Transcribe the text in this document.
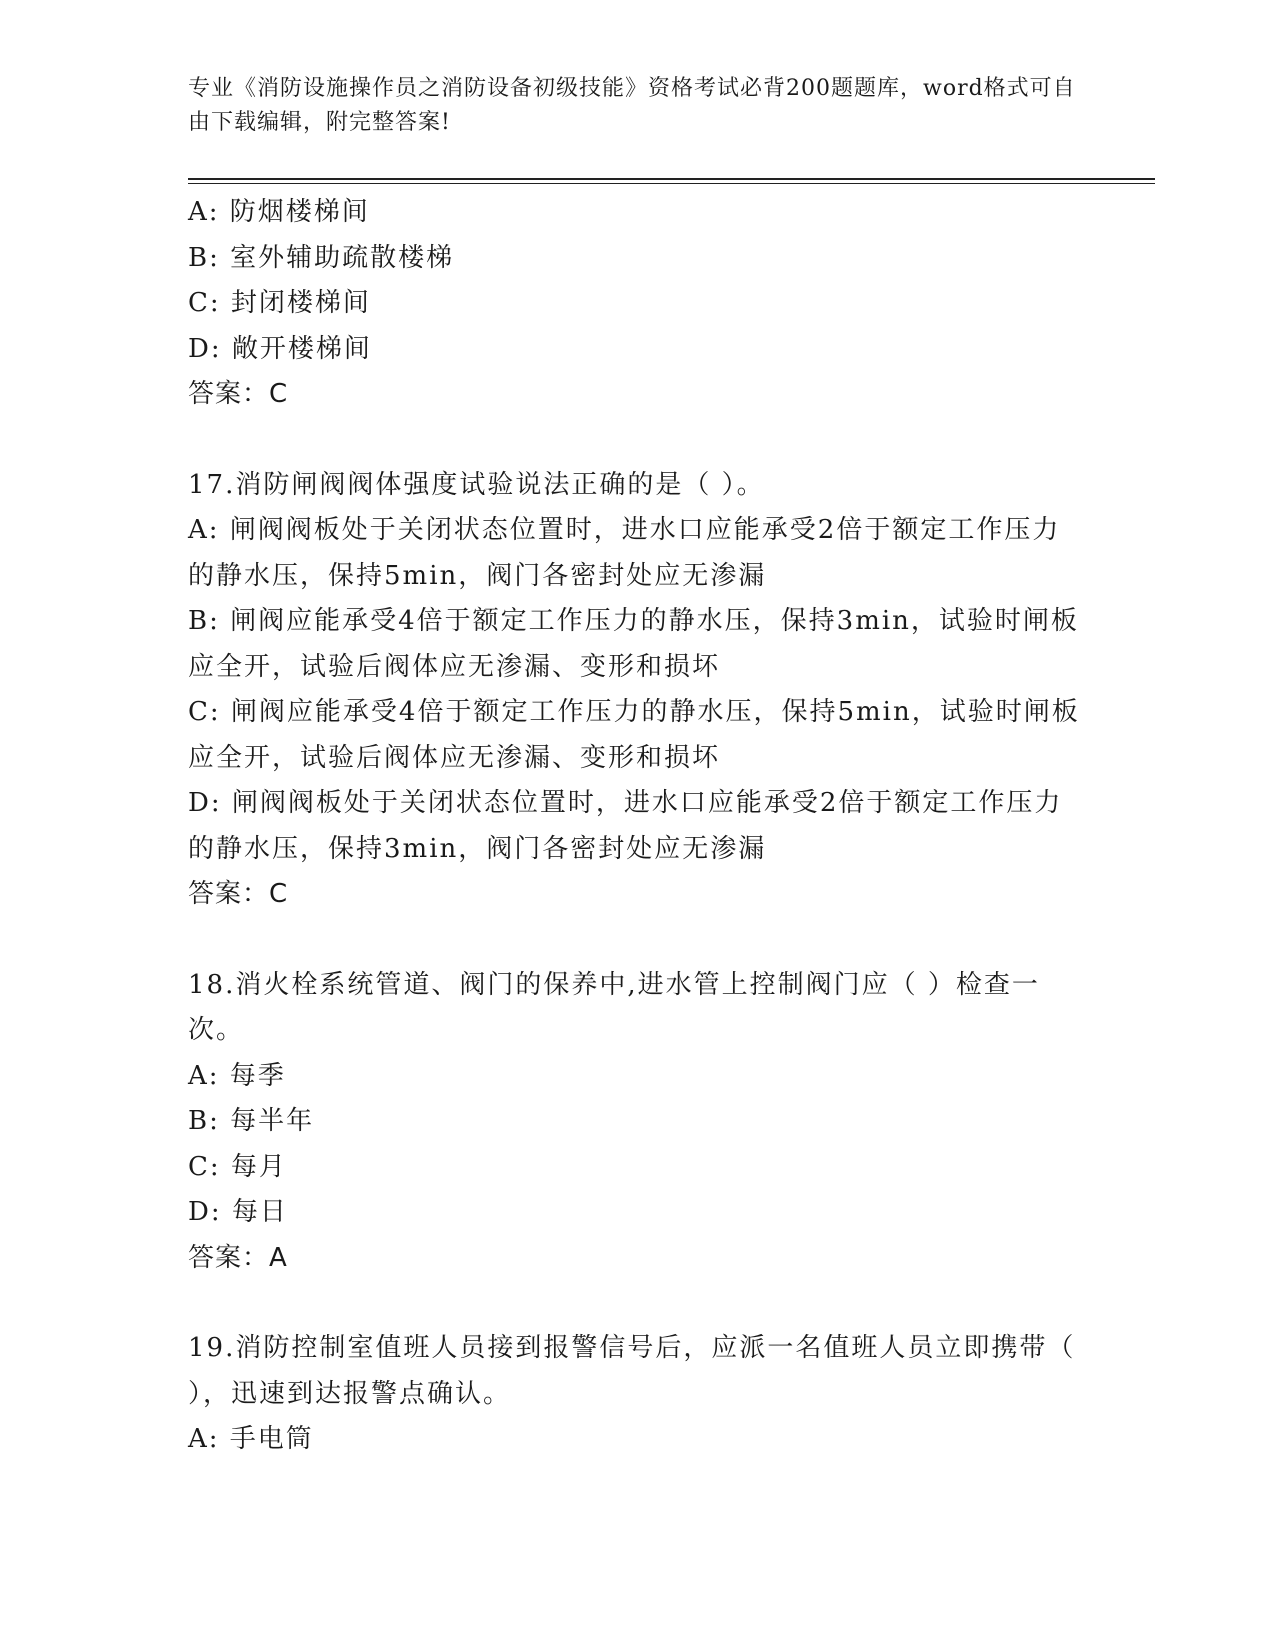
专业《消防设施操作员之消防设备初级技能》资格考试必背200题题库，word格式可自由下载编辑，附完整答案!

A: 防烟楼梯间

B: 室外辅助疏散楼梯

C: 封闭楼梯间

D: 敞开楼梯间

答案：C

17.消防闸阀阀体强度试验说法正确的是（ ）。

A: 闸阀阀板处于关闭状态位置时，进水口应能承受2倍于额定工作压力的静水压，保持5min，阀门各密封处应无渗漏

B: 闸阀应能承受4倍于额定工作压力的静水压，保持3min，试验时闸板应全开，试验后阀体应无渗漏、变形和损坏

C: 闸阀应能承受4倍于额定工作压力的静水压，保持5min，试验时闸板应全开，试验后阀体应无渗漏、变形和损坏

D: 闸阀阀板处于关闭状态位置时，进水口应能承受2倍于额定工作压力的静水压，保持3min，阀门各密封处应无渗漏

答案：C

18.消火栓系统管道、阀门的保养中,进水管上控制阀门应（ ）检查一次。

A: 每季

B: 每半年

C: 每月

D: 每日

答案：A

19.消防控制室值班人员接到报警信号后，应派一名值班人员立即携带（ ），迅速到达报警点确认。

A: 手电筒
